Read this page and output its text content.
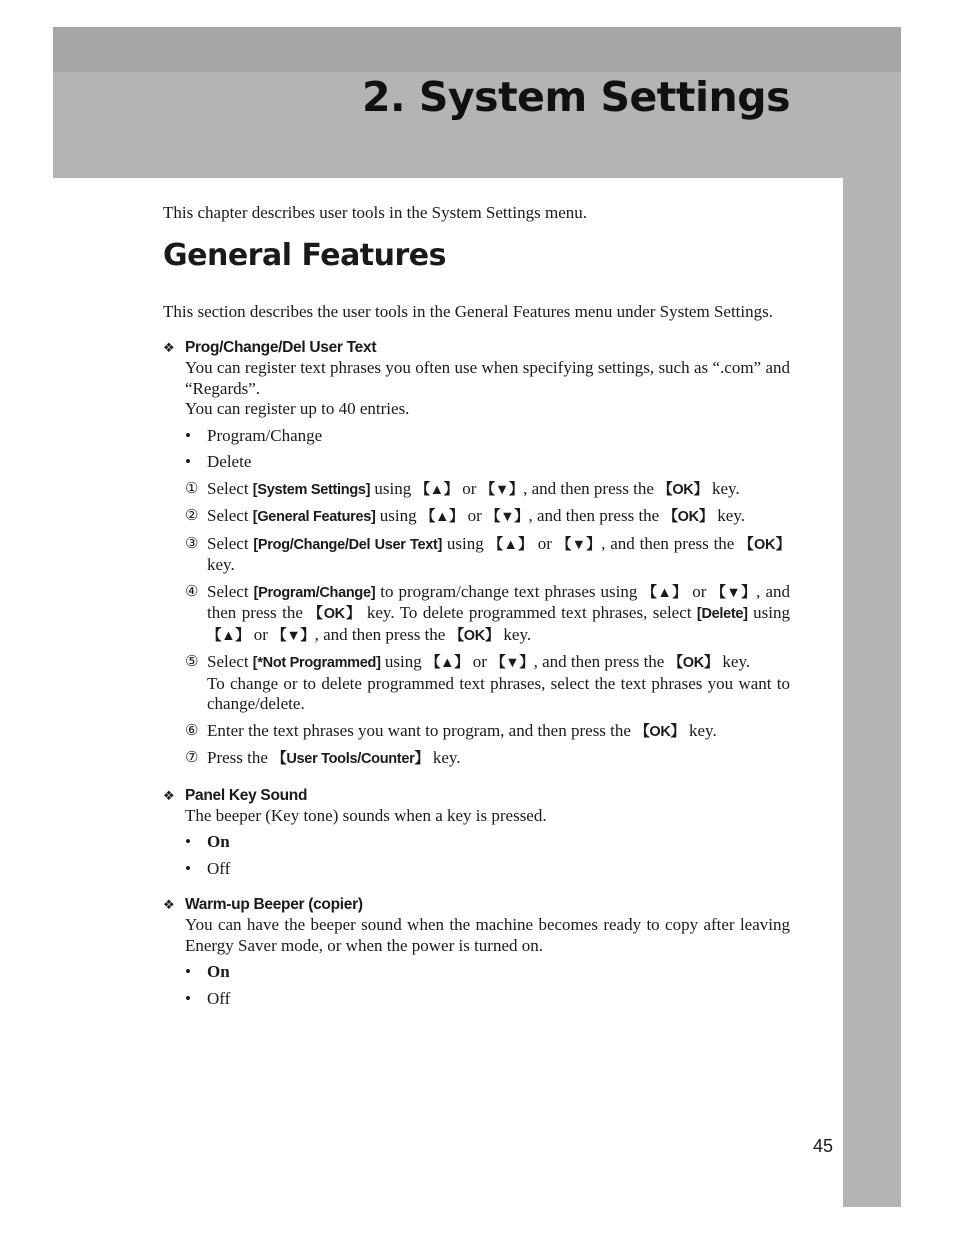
2. System Settings

This chapter describes user tools in the System Settings menu.

General Features

This section describes the user tools in the General Features menu under System Settings.

❖ Prog/Change/Del User Text

You can register text phrases you often use when specifying settings, such as “.com” and “Regards”.

You can register up to 40 entries.

• Program/Change
• Delete
① Select [System Settings] using 【▲】 or 【▼】, and then press the 【OK】 key.
② Select [General Features] using 【▲】 or 【▼】, and then press the 【OK】 key.
③ Select [Prog/Change/Del User Text] using 【▲】 or 【▼】, and then press the 【OK】 key.
④ Select [Program/Change] to program/change text phrases using 【▲】 or 【▼】, and then press the 【OK】 key. To delete programmed text phrases, select [Delete] using 【▲】 or 【▼】, and then press the 【OK】 key.
⑤ Select [*Not Programmed] using 【▲】 or 【▼】, and then press the 【OK】 key.
To change or to delete programmed text phrases, select the text phrases you want to change/delete.
⑥ Enter the text phrases you want to program, and then press the 【OK】 key.
⑦ Press the 【User Tools/Counter】 key.
❖ Panel Key Sound

The beeper (Key tone) sounds when a key is pressed.

• On
• Off
❖ Warm-up Beeper (copier)

You can have the beeper sound when the machine becomes ready to copy after leaving Energy Saver mode, or when the power is turned on.

• On
• Off
45
